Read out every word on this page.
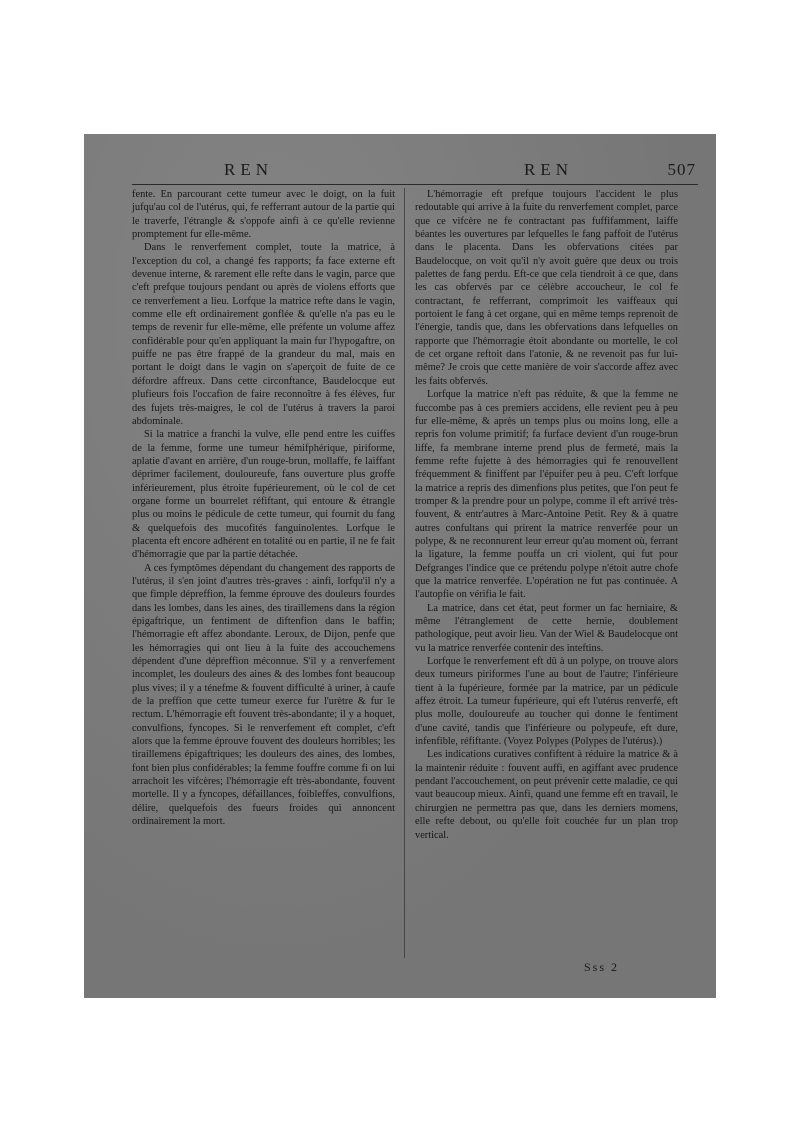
REN	REN	507

fente. En parcourant cette tumeur avec le doigt, on la fuit jufqu'au col de l'utérus, qui, fe refferrant autour de la partie qui le traverfe, l'étrangle & s'oppofe ainfi à ce qu'elle revienne promptement fur elle-même.

Dans le renverfement complet, toute la matrice, à l'exception du col, a changé fes rapports; fa face externe eft devenue interne, & rarement elle refte dans le vagin, parce que c'eft prefque toujours pendant ou après de violens efforts que ce renverfement a lieu. Lorfque la matrice refte dans le vagin, comme elle eft ordinairement gonflée & qu'elle n'a pas eu le temps de revenir fur elle-même, elle préfente un volume affez confidérable pour qu'en appliquant la main fur l'hypogaftre, on puiffe ne pas être frappé de la grandeur du mal, mais en portant le doigt dans le vagin on s'aperçoit de fuite de ce défordre affreux. Dans cette circonftance, Baudelocque eut plufieurs fois l'occafion de faire reconnoître à fes élèves, fur des fujets très-maigres, le col de l'utérus à travers la paroi abdominale.

Si la matrice a franchi la vulve, elle pend entre les cuiffes de la femme, forme une tumeur hémifphérique, piriforme, aplatie d'avant en arrière, d'un rouge-brun, mollaffe, fe laiffant déprimer facilement, douloureufe, fans ouverture plus groffe inférieurement, plus étroite fupérieurement, où le col de cet organe forme un bourrelet réfiftant, qui entoure & étrangle plus ou moins le pédicule de cette tumeur, qui fournit du fang & quelquefois des mucofités fanguinolentes. Lorfque le placenta eft encore adhérent en totalité ou en partie, il ne fe fait d'hémorragie que par la partie détachée.

A ces fymptômes dépendant du changement des rapports de l'utérus, il s'en joint d'autres très-graves : ainfi, lorfqu'il n'y a que fimple dépreffion, la femme éprouve des douleurs fourdes dans les lombes, dans les aines, des tiraillemens dans la région épigaftrique, un fentiment de diftenfion dans le baffin; l'hémorragie eft affez abondante. Leroux, de Dijon, penfe que les hémorragies qui ont lieu à la fuite des accouchemens dépendent d'une dépreffion méconnue. S'il y a renverfement incomplet, les douleurs des aines & des lombes font beaucoup plus vives; il y a ténefme & fouvent difficulté à uriner, à caufe de la preffion que cette tumeur exerce fur l'urètre & fur le rectum. L'hémorragie eft fouvent très-abondante; il y a hoquet, convulfions, fyncopes. Si le renverfement eft complet, c'eft alors que la femme éprouve fouvent des douleurs horribles; les tiraillemens épigaftriques; les douleurs des aines, des lombes, font bien plus confidérables; la femme fouffre comme fi on lui arrachoit les vifcères; l'hémorragie eft très-abondante, fouvent mortelle. Il y a fyncopes, défaillances, foibleffes, convulfions, délire, quelquefois des fueurs froides qui annoncent ordinairement la mort.

L'hémorragie eft prefque toujours l'accident le plus redoutable qui arrive à la fuite du renverfement complet, parce que ce vifcère ne fe contractant pas fuffifamment, laiffe béantes les ouvertures par lefquelles le fang paffoit de l'utérus dans le placenta. Dans les obfervations citées par Baudelocque, on voit qu'il n'y avoit guère que deux ou trois palettes de fang perdu. Eft-ce que cela tiendroit à ce que, dans les cas obfervés par ce célèbre accoucheur, le col fe contractant, fe refferrant, comprimoit les vaiffeaux qui portoient le fang à cet organe, qui en même temps reprenoit de l'énergie, tandis que, dans les obfervations dans lefquelles on rapporte que l'hémorragie étoit abondante ou mortelle, le col de cet organe reftoit dans l'atonie, & ne revenoit pas fur lui-même? Je crois que cette manière de voir s'accorde affez avec les faits obfervés.

Lorfque la matrice n'eft pas réduite, & que la femme ne fuccombe pas à ces premiers accidens, elle revient peu à peu fur elle-même, & après un temps plus ou moins long, elle a repris fon volume primitif; fa furface devient d'un rouge-brun liffe, fa membrane interne prend plus de fermeté, mais la femme refte fujette à des hémorragies qui fe renouvellent fréquemment & finiffent par l'épuifer peu à peu. C'eft lorfque la matrice a repris des dimenfions plus petites, que l'on peut fe tromper & la prendre pour un polype, comme il eft arrivé très-fouvent, & entr'autres à Marc-Antoine Petit. Rey & à quatre autres confultans qui prirent la matrice renverfée pour un polype, & ne reconnurent leur erreur qu'au moment où, ferrant la ligature, la femme pouffa un cri violent, qui fut pour Defgranges l'indice que ce prétendu polype n'étoit autre chofe que la matrice renverfée. L'opération ne fut pas continuée. A l'autopfie on vérifia le fait.

La matrice, dans cet état, peut former un fac herniaire, & même l'étranglement de cette hernie, doublement pathologique, peut avoir lieu. Van der Wiel & Baudelocque ont vu la matrice renverfée contenir des inteftins.

Lorfque le renverfement eft dû à un polype, on trouve alors deux tumeurs piriformes l'une au bout de l'autre; l'inférieure tient à la fupérieure, formée par la matrice, par un pédicule affez étroit. La tumeur fupérieure, qui eft l'utérus renverfé, eft plus molle, douloureufe au toucher qui donne le fentiment d'une cavité, tandis que l'inférieure ou polypeufe, eft dure, infenfible, réfiftante. (Voyez Polypes (Polypes de l'utérus).)

Les indications curatives confiftent à réduire la matrice & à la maintenir réduite : fouvent auffi, en agiffant avec prudence pendant l'accouchement, on peut prévenir cette maladie, ce qui vaut beaucoup mieux. Ainfi, quand une femme eft en travail, le chirurgien ne permettra pas que, dans les derniers momens, elle refte debout, ou qu'elle foit couchée fur un plan trop vertical.

Sss 2
